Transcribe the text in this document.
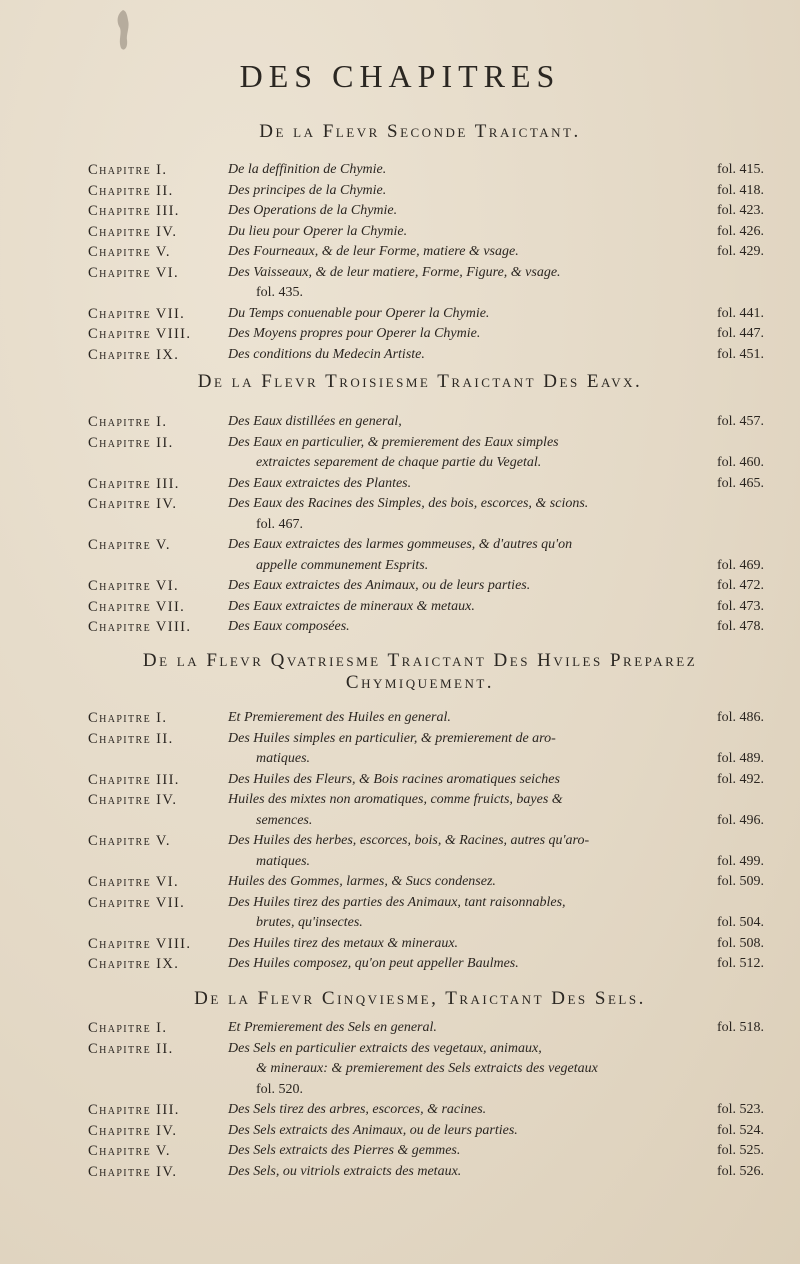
DES CHAPITRES
De la Flevr Seconde Traictant.
Chapitre I.	De la deffinition de Chymie.	fol. 415.
Chapitre II.	Des principes de la Chymie.	fol. 418.
Chapitre III.	Des Operations de la Chymie.	fol. 423.
Chapitre IV.	Du lieu pour Operer la Chymie.	fol. 426.
Chapitre V.	Des Fourneaux, & de leur Forme, matiere & vsage.	fol. 429.
Chapitre VI.	Des Vaisseaux, & de leur matiere, Forme, Figure, & vsage.
fol. 435.
Chapitre VII.	Du Temps conuenable pour Operer la Chymie.	fol. 441.
Chapitre VIII.	Des Moyens propres pour Operer la Chymie.	fol. 447.
Chapitre IX.	Des conditions du Medecin Artiste.	fol. 451.
De la Flevr Troisiesme Traictant Des Eavx.
Chapitre I.	Des Eaux distillées en general,	fol. 457.
Chapitre II.	Des Eaux en particulier, & premierement des Eaux simples
extraictes separement de chaque partie du Vegetal.	fol. 460.
Chapitre III.	Des Eaux extraictes des Plantes.	fol. 465.
Chapitre IV.	Des Eaux des Racines des Simples, des bois, escorces, & scions.
fol. 467.
Chapitre V.	Des Eaux extraictes des larmes gommeuses, & d'autres qu'on
appelle communement Esprits.	fol. 469.
Chapitre VI.	Des Eaux extraictes des Animaux, ou de leurs parties.	fol. 472.
Chapitre VII.	Des Eaux extraictes de mineraux & metaux.	fol. 473.
Chapitre VIII.	Des Eaux composées.	fol. 478.
De la Flevr Qvatriesme Traictant Des Hviles Preparez
Chymiquement.
Chapitre I.	Et Premierement des Huiles en general.	fol. 486.
Chapitre II.	Des Huiles simples en particulier, & premierement de aro-
matiques.	fol. 489.
Chapitre III.	Des Huiles des Fleurs, & Bois racines aromatiques seiches	fol. 492.
Chapitre IV.	Huiles des mixtes non aromatiques, comme fruicts, bayes &
semences.	fol. 496.
Chapitre V.	Des Huiles des herbes, escorces, bois, & Racines, autres qu'aro-
matiques.	fol. 499.
Chapitre VI.	Huiles des Gommes, larmes, & Sucs condensez.	fol. 509.
Chapitre VII.	Des Huiles tirez des parties des Animaux, tant raisonnables,
brutes, qu'insectes.	fol. 504.
Chapitre VIII.	Des Huiles tirez des metaux & mineraux.	fol. 508.
Chapitre IX.	Des Huiles composez, qu'on peut appeller Baulmes.	fol. 512.
De la Flevr Cinqviesme, Traictant Des Sels.
Chapitre I.	Et Premierement des Sels en general.	fol. 518.
Chapitre II.	Des Sels en particulier extraicts des vegetaux, animaux,
& mineraux: & premierement des Sels extraicts des vegetaux
fol. 520.
Chapitre III.	Des Sels tirez des arbres, escorces, & racines.	fol. 523.
Chapitre IV.	Des Sels extraicts des Animaux, ou de leurs parties.	fol. 524.
Chapitre V.	Des Sels extraicts des Pierres & gemmes.	fol. 525.
Chapitre IV.	Des Sels, ou vitriols extraicts des metaux.	fol. 526.
